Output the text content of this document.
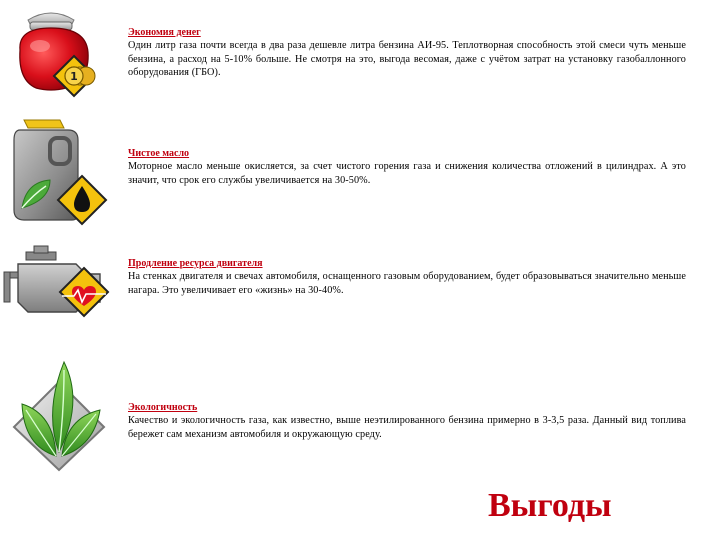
1
Экономия денег
Один литр газа почти всегда в два раза дешевле литра бензина АИ-95. Теплотворная способность этой смеси чуть меньше бензина, а расход на 5-10% больше. Не смотря на это, выгода весомая, даже с учётом затрат на установку газобаллонного оборудования (ГБО).
Чистое масло
Моторное масло меньше окисляется, за счет чистого горения газа и снижения количества отложений в цилиндрах. А это значит, что срок его службы увеличивается на 30-50%.
Продление ресурса двигателя
На стенках двигателя и свечах автомобиля, оснащенного газовым оборудованием, будет образовываться значительно меньше нагара. Это увеличивает его «жизнь» на 30-40%.
Экологичность
Качество и экологичность газа, как известно, выше неэтилированного бензина примерно в 3-3,5 раза. Данный вид топлива бережет сам механизм автомобиля и окружающую среду.
Выгоды
